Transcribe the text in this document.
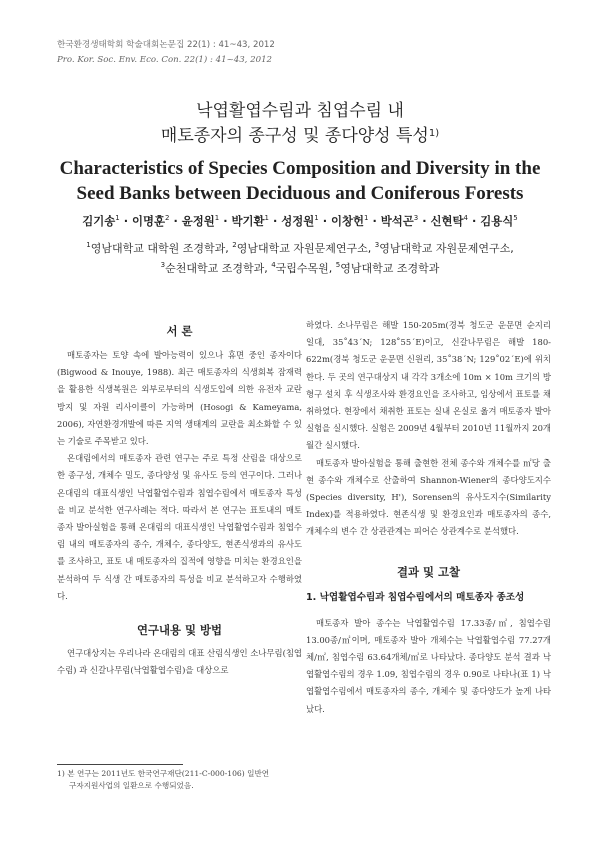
한국환경생태학회 학술대회논문집 22(1) : 41~43, 2012
Pro. Kor. Soc. Env. Eco. Con. 22(1) : 41~43, 2012
낙엽활엽수림과 침엽수림 내
매토종자의 종구성 및 종다양성 특성$^{1)}$
Characteristics of Species Composition and Diversity in the
Seed Banks between Deciduous and Coniferous Forests
김기송$^1$ · 이명훈$^2$ · 윤정원$^1$ · 박기환$^1$ · 성정원$^1$ · 이창헌$^1$ · 박석곤$^3$ · 신현탁$^4$ · 김용식$^5$
$^1$영남대학교 대학원 조경학과, $^2$영남대학교 자원문제연구소, $^3$영남대학교 자원문제연구소,
$^3$순천대학교 조경학과, $^4$국립수목원, $^5$영남대학교 조경학과
서 론

매토종자는 토양 속에 발아능력이 있으나 휴면 중인 종자이다(Bigwood & Inouye, 1988). 최근 매토종자의 식생회복 잠재력을 활용한 식생복원은 외부로부터의 식생도입에 의한 유전자 교란방지 및 자원 리사이클이 가능하며 (Hosogi & Kameyama, 2006), 자연환경개발에 따른 지역 생태계의 교란을 최소화할 수 있는 기술로 주목받고 있다.

온대림에서의 매토종자 관련 연구는 주로 특정 산림을 대상으로 한 종구성, 개체수 밀도, 종다양성 및 유사도 등의 연구이다. 그러나 온대림의 대표식생인 낙엽활엽수림과 침엽수림에서 매토종자 특성을 비교 분석한 연구사례는 적다. 따라서 본 연구는 표토내의 매토종자 발아실험을 통해 온대림의 대표식생인 낙엽활엽수림과 침엽수림 내의 매토종자의 종수, 개체수, 종다양도, 현존식생과의 유사도를 조사하고, 표토 내 매토종자의 집적에 영향을 미치는 환경요인을 분석하여 두 식생 간 매토종자의 특성을 비교 분석하고자 수행하였다.

연구내용 및 방법

연구대상지는 우리나라 온대림의 대표 산림식생인 소나무림(침엽수림) 과 신갈나무림(낙엽활엽수림)을 대상으로

하였다. 소나무림은 해발 150-205m(경북 청도군 운문면 순지리 일대, 35˚43´N; 128˚55´E)이고, 신갈나무림은 해발 180-622m(경북 청도군 운문면 신원리, 35˚38´N; 129˚02´E)에 위치한다. 두 곳의 연구대상지 내 각각 3개소에 10m × 10m 크기의 방형구 설치 후 식생조사와 환경요인을 조사하고, 임상에서 표토를 채취하였다. 현장에서 채취한 표토는 실내 온실로 옮겨 매토종자 발아실험을 실시했다. 실험은 2009년 4월부터 2010년 11월까지 20개월간 실시했다.

매토종자 발아실험을 통해 출현한 전체 종수와 개체수를 ㎡당 출현 종수와 개체수로 산출하여 Shannon-Wiener의 종다양도지수(Species diversity, H'), Sorensen의 유사도지수(Similarity Index)를 적용하였다. 현존식생 및 환경요인과 매토종자의 종수, 개체수의 변수 간 상관관계는 피어슨 상관계수로 분석했다.

결과 및 고찰
1. 낙엽활엽수림과 침엽수림에서의 매토종자 종조성

매토종자 발아 종수는 낙엽활엽수림 17.33종/㎡, 침엽수림 13.00종/㎡이며, 매토종자 발아 개체수는 낙엽활엽수림 77.27개체/㎡, 침엽수림 63.64개체/㎡로 나타났다. 종다양도 분석 결과 낙엽활엽수림의 경우 1.09, 침엽수림의 경우 0.90로 나타나(표 1) 낙엽활엽수림에서 매토종자의 종수, 개체수 및 종다양도가 높게 나타났다.

1) 본 연구는 2011년도 한국연구재단(211-C-000-106) 일반연
구자지원사업의 일환으로 수행되었음.
